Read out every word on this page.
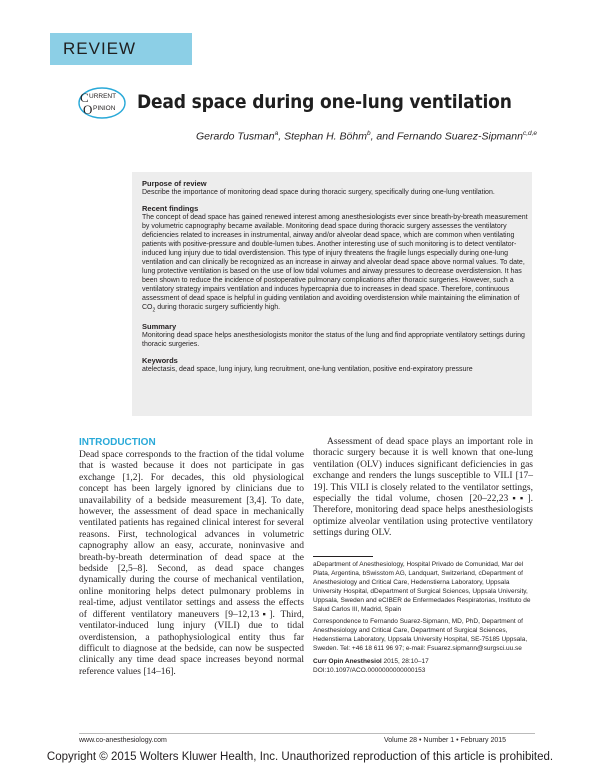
REVIEW
C URRENT
O PINION Dead space during one-lung ventilation
Gerardo Tusman$^a$, Stephan H. Böhm$^b$, and Fernando Suarez-Sipmann$^{c,d,e}$
Purpose of review
Describe the importance of monitoring dead space during thoracic surgery, specifically during one-lung ventilation.
Recent findings
The concept of dead space has gained renewed interest among anesthesiologists ever since breath-by-breath measurement by volumetric capnography became available. Monitoring dead space during thoracic surgery assesses the ventilatory deficiencies related to increases in instrumental, airway and/or alveolar dead space, which are common when ventilating patients with positive-pressure and double-lumen tubes. Another interesting use of such monitoring is to detect ventilator-induced lung injury due to tidal overdistension. This type of injury threatens the fragile lungs especially during one-lung ventilation and can clinically be recognized as an increase in airway and alveolar dead space above normal values. To date, lung protective ventilation is based on the use of low tidal volumes and airway pressures to decrease overdistension. It has been shown to reduce the incidence of postoperative pulmonary complications after thoracic surgeries. However, such a ventilatory strategy impairs ventilation and induces hypercapnia due to increases in dead space. Therefore, continuous assessment of dead space is helpful in guiding ventilation and avoiding overdistension while maintaining the elimination of $CO_2$ during thoracic surgery sufficiently high.
Summary
Monitoring dead space helps anesthesiologists monitor the status of the lung and find appropriate ventilatory settings during thoracic surgeries.
Keywords
atelectasis, dead space, lung injury, lung recruitment, one-lung ventilation, positive end-expiratory pressure
INTRODUCTION
Dead space corresponds to the fraction of the tidal volume that is wasted because it does not participate in gas exchange [1,2]. For decades, this old physiological concept has been largely ignored by clinicians due to unavailability of a bedside measurement [3,4]. To date, however, the assessment of dead space in mechanically ventilated patients has regained clinical interest for several reasons. First, technological advances in volumetric capnography allow an easy, accurate, noninvasive and breath-by-breath determination of dead space at the bedside [2,5–8]. Second, as dead space changes dynamically during the course of mechanical ventilation, online monitoring helps detect pulmonary problems in real-time, adjust ventilator settings and assess the effects of different ventilatory maneuvers [9–12,13▪]. Third, ventilator-induced lung injury (VILI) due to tidal overdistension, a pathophysiological entity thus far difficult to diagnose at the bedside, can now be suspected clinically any time dead space increases beyond normal reference values [14–16].
Assessment of dead space plays an important role in thoracic surgery because it is well known that one-lung ventilation (OLV) induces significant deficiencies in gas exchange and renders the lungs susceptible to VILI [17–19]. This VILI is closely related to the ventilator settings, especially the tidal volume, chosen [20–22,23▪▪]. Therefore, monitoring dead space helps anesthesiologists optimize alveolar ventilation using protective ventilatory settings during OLV.

aDepartment of Anesthesiology, Hospital Privado de Comunidad, Mar del Plata, Argentina, bSwisstom AG, Landquart, Switzerland, cDepartment of Anesthesiology and Critical Care, Hedenstierna Laboratory, Uppsala University Hospital, dDepartment of Surgical Sciences, Uppsala University, Uppsala, Sweden and eCIBER de Enfermedades Respiratorias, Instituto de Salud Carlos III, Madrid, Spain

Correspondence to Fernando Suarez-Sipmann, MD, PhD, Department of Anesthesiology and Critical Care, Department of Surgical Sciences, Hedenstierna Laboratory, Uppsala University Hospital, SE-75185 Uppsala, Sweden. Tel: +46 18 611 96 97; e-mail: Fsuarez.sipmann@surgsci.uu.se

Curr Opin Anesthesiol 2015, 28:10–17

DOI:10.1097/ACO.0000000000000153

www.co-anesthesiology.com	Volume 28 • Number 1 • February 2015
Copyright © 2015 Wolters Kluwer Health, Inc. Unauthorized reproduction of this article is prohibited.
